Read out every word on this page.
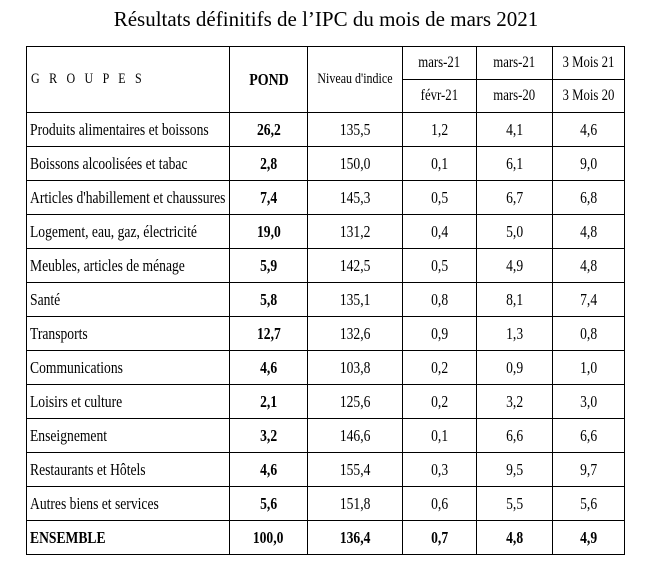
Résultats définitifs de l’IPC du mois de mars 2021
G R O U P E S	POND	Niveau d'indice	mars-21	mars-21	3 Mois 21
			févr-21	mars-20	3 Mois 20
Produits alimentaires et boissons	26,2	135,5	1,2	4,1	4,6
Boissons alcoolisées et tabac	2,8	150,0	0,1	6,1	9,0
Articles d'habillement et chaussures	7,4	145,3	0,5	6,7	6,8
Logement, eau, gaz, électricité	19,0	131,2	0,4	5,0	4,8
Meubles, articles de ménage	5,9	142,5	0,5	4,9	4,8
Santé	5,8	135,1	0,8	8,1	7,4
Transports	12,7	132,6	0,9	1,3	0,8
Communications	4,6	103,8	0,2	0,9	1,0
Loisirs et culture	2,1	125,6	0,2	3,2	3,0
Enseignement	3,2	146,6	0,1	6,6	6,6
Restaurants et Hôtels	4,6	155,4	0,3	9,5	9,7
Autres biens et services	5,6	151,8	0,6	5,5	5,6
ENSEMBLE	100,0	136,4	0,7	4,8	4,9
